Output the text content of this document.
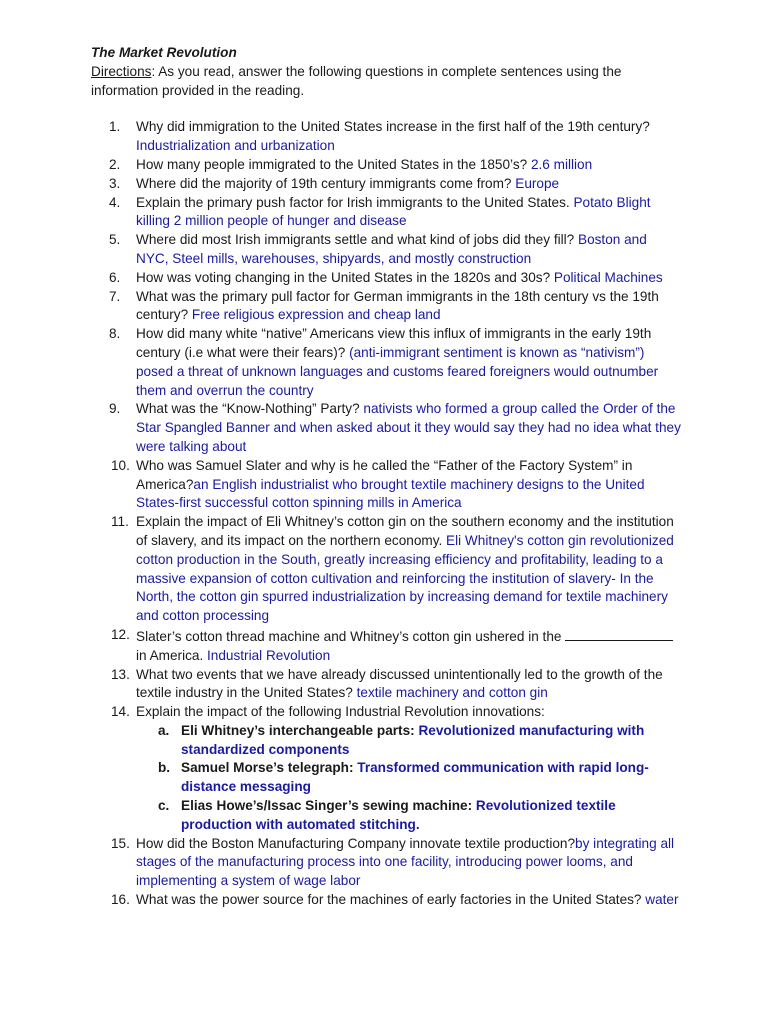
The Market Revolution

Directions: As you read, answer the following questions in complete sentences using the information provided in the reading.

1.	Why did immigration to the United States increase in the first half of the 19th century? Industrialization and urbanization
2.	How many people immigrated to the United States in the 1850’s? 2.6 million
3.	Where did the majority of 19th century immigrants come from? Europe
4.	Explain the primary push factor for Irish immigrants to the United States. Potato Blight killing 2 million people of hunger and disease
5.	Where did most Irish immigrants settle and what kind of jobs did they fill? Boston and NYC, Steel mills, warehouses, shipyards, and mostly construction
6.	How was voting changing in the United States in the 1820s and 30s? Political Machines
7.	What was the primary pull factor for German immigrants in the 18th century vs the 19th century? Free religious expression and cheap land
8.	How did many white “native” Americans view this influx of immigrants in the early 19th century (i.e what were their fears)? (anti-immigrant sentiment is known as “nativism”) posed a threat of unknown languages and customs feared foreigners would outnumber them and overrun the country
9.	What was the “Know-Nothing” Party? nativists who formed a group called the Order of the Star Spangled Banner and when asked about it they would say they had no idea what they were talking about
10. Who was Samuel Slater and why is he called the “Father of the Factory System” in America?an English industrialist who brought textile machinery designs to the United States-first successful cotton spinning mills in America
11. Explain the impact of Eli Whitney’s cotton gin on the southern economy and the institution of slavery, and its impact on the northern economy. Eli Whitney's cotton gin revolutionized cotton production in the South, greatly increasing efficiency and profitability, leading to a massive expansion of cotton cultivation and reinforcing the institution of slavery- In the North, the cotton gin spurred industrialization by increasing demand for textile machinery and cotton processing
12. Slater’s cotton thread machine and Whitney’s cotton gin ushered in the  in America. Industrial Revolution
13. What two events that we have already discussed unintentionally led to the growth of the textile industry in the United States? textile machinery and cotton gin
14. Explain the impact of the following Industrial Revolution innovations:
a. Eli Whitney’s interchangeable parts: Revolutionized manufacturing with standardized components
b. Samuel Morse’s telegraph: Transformed communication with rapid long-distance messaging
c. Elias Howe’s/Issac Singer’s sewing machine: Revolutionized textile production with automated stitching.
15. How did the Boston Manufacturing Company innovate textile production?by integrating all stages of the manufacturing process into one facility, introducing power looms, and implementing a system of wage labor
16. What was the power source for the machines of early factories in the United States? water
